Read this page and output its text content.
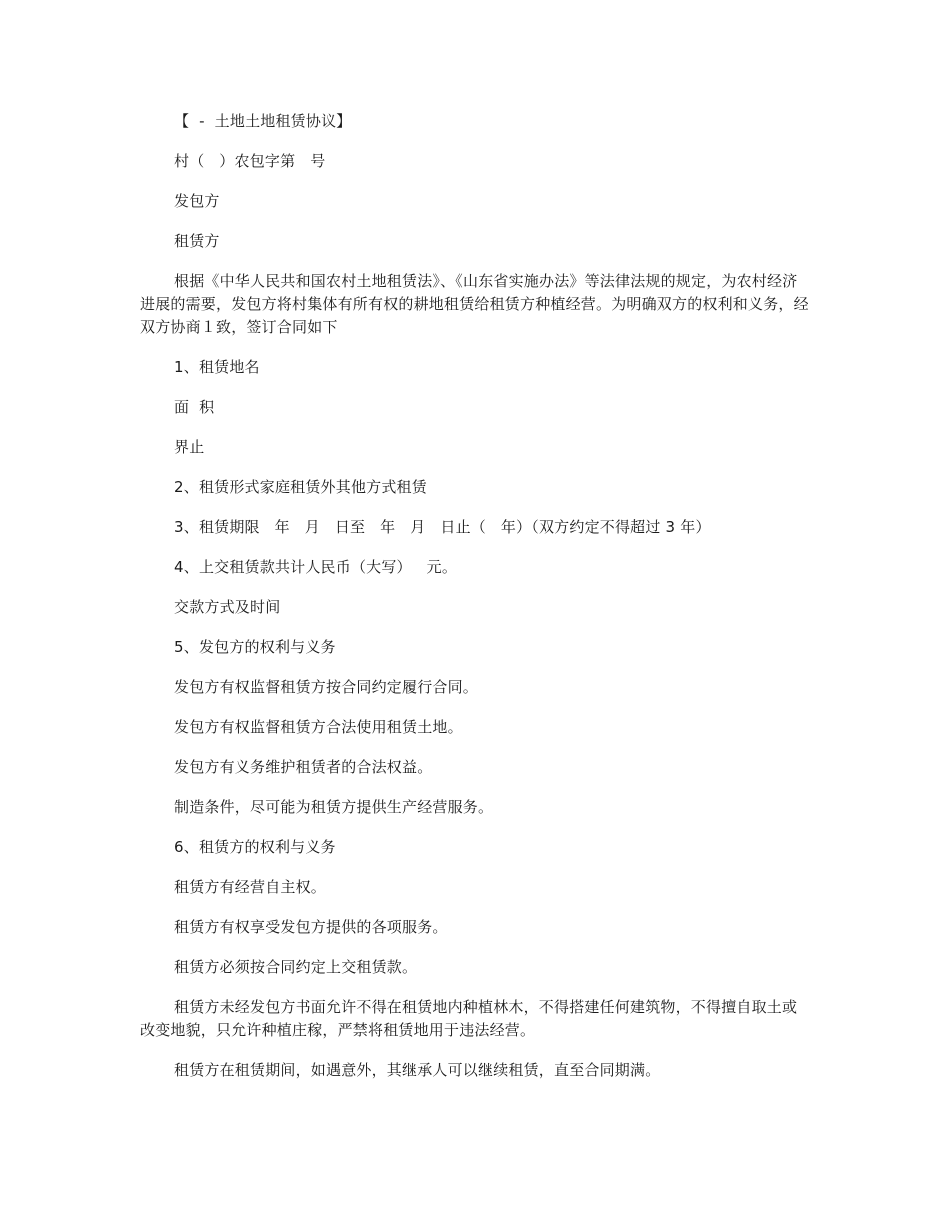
【  -  土地土地租赁协议】

村（   ）农包字第   号

发包方

租赁方

根据《中华人民共和国农村土地租赁法》、《山东省实施办法》等法律法规的规定，为农村经济进展的需要，发包方将村集体有所有权的耕地租赁给租赁方种植经营。为明确双方的权利和义务，经双方协商１致，签订合同如下

1、租赁地名

面  积

界止

2、租赁形式家庭租赁外其他方式租赁

3、租赁期限   年   月   日至   年   月   日止（   年）（双方约定不得超过 3 年）

4、上交租赁款共计人民币（大写）   元。

交款方式及时间

5、发包方的权利与义务

发包方有权监督租赁方按合同约定履行合同。

发包方有权监督租赁方合法使用租赁土地。

发包方有义务维护租赁者的合法权益。

制造条件，尽可能为租赁方提供生产经营服务。

6、租赁方的权利与义务

租赁方有经营自主权。

租赁方有权享受发包方提供的各项服务。

租赁方必须按合同约定上交租赁款。

租赁方未经发包方书面允许不得在租赁地内种植林木，不得搭建任何建筑物，不得擅自取土或改变地貌，只允许种植庄稼，严禁将租赁地用于违法经营。

租赁方在租赁期间，如遇意外，其继承人可以继续租赁，直至合同期满。
